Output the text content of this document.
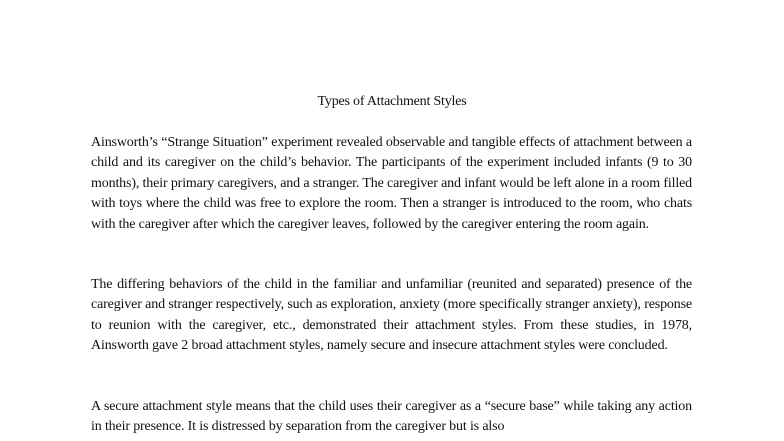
Types of Attachment Styles

Ainsworth’s “Strange Situation” experiment revealed observable and tangible effects of attachment between a child and its caregiver on the child’s behavior. The participants of the experiment included infants (9 to 30 months), their primary caregivers, and a stranger. The caregiver and infant would be left alone in a room filled with toys where the child was free to explore the room. Then a stranger is introduced to the room, who chats with the caregiver after which the caregiver leaves, followed by the caregiver entering the room again.

The differing behaviors of the child in the familiar and unfamiliar (reunited and separated) presence of the caregiver and stranger respectively, such as exploration, anxiety (more specifically stranger anxiety), response to reunion with the caregiver, etc., demonstrated their attachment styles. From these studies, in 1978, Ainsworth gave 2 broad attachment styles, namely secure and insecure attachment styles were concluded.

A secure attachment style means that the child uses their caregiver as a “secure base” while taking any action in their presence. It is distressed by separation from the caregiver but is also
